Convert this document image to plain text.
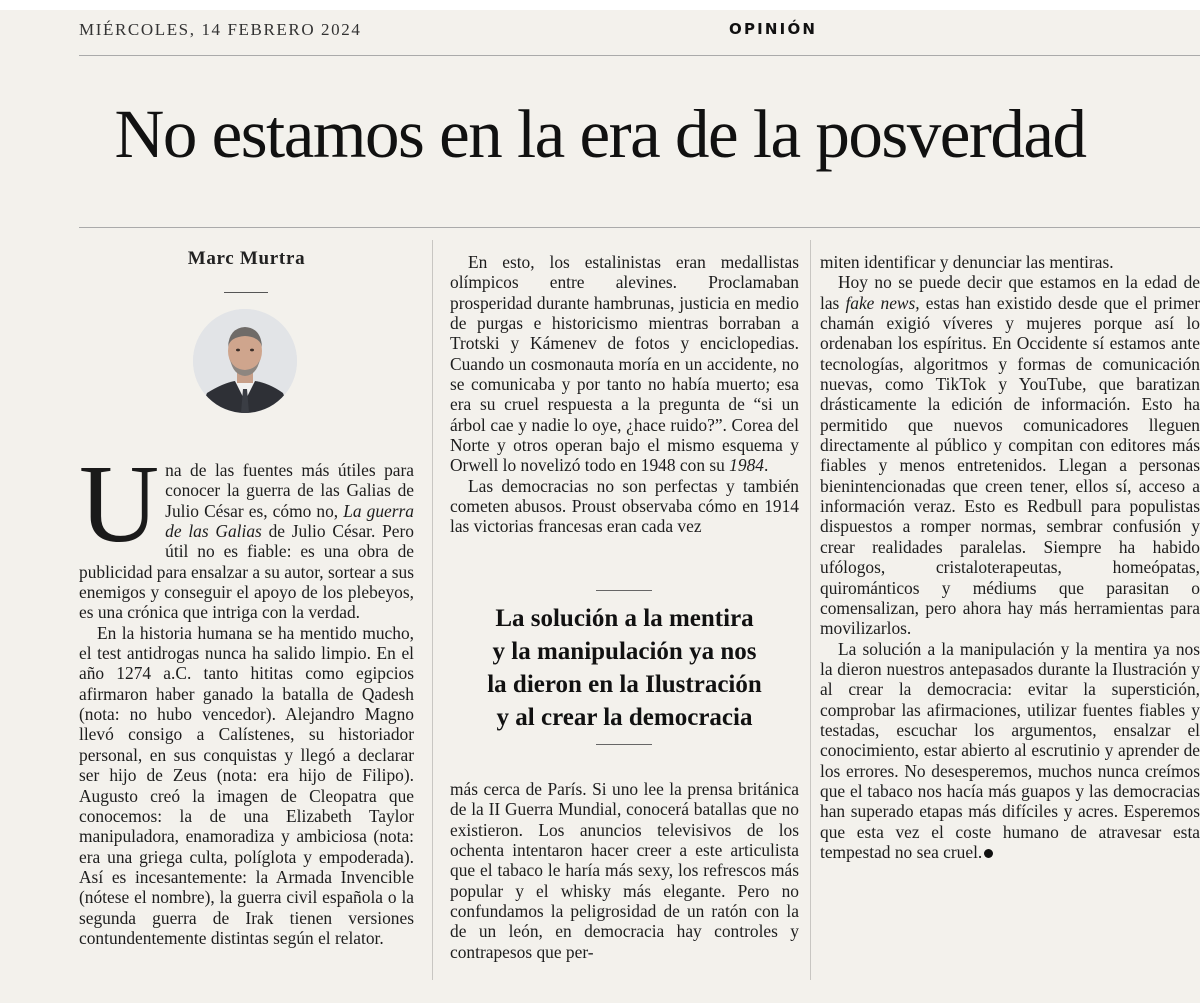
MIÉRCOLES, 14 FEBRERO 2024	OPINIÓN
No estamos en la era de la posverdad
Marc Murtra

Una de las fuentes más útiles para conocer la guerra de las Galias de Julio César es, cómo no, La guerra de las Galias de Julio César. Pero útil no es fiable: es una obra de publicidad para ensalzar a su autor, sortear a sus enemigos y conseguir el apoyo de los plebeyos, es una crónica que intriga con la verdad.

En la historia humana se ha mentido mucho, el test antidrogas nunca ha salido limpio. En el año 1274 a.C. tanto hititas como egipcios afirmaron haber ganado la batalla de Qadesh (nota: no hubo vencedor). Alejandro Magno llevó consigo a Calístenes, su historiador personal, en sus conquistas y llegó a declarar ser hijo de Zeus (nota: era hijo de Filipo). Augusto creó la imagen de Cleopatra que conocemos: la de una Elizabeth Taylor manipuladora, enamoradiza y ambiciosa (nota: era una griega culta, políglota y empoderada). Así es incesantemente: la Armada Invencible (nótese el nombre), la guerra civil española o la segunda guerra de Irak tienen versiones contundentemente distintas según el relator.

En esto, los estalinistas eran medallistas olímpicos entre alevines. Proclamaban prosperidad durante hambrunas, justicia en medio de purgas e historicismo mientras borraban a Trotski y Kámenev de fotos y enciclopedias. Cuando un cosmonauta moría en un accidente, no se comunicaba y por tanto no había muerto; esa era su cruel respuesta a la pregunta de “si un árbol cae y nadie lo oye, ¿hace ruido?”. Corea del Norte y otros operan bajo el mismo esquema y Orwell lo novelizó todo en 1948 con su 1984.

Las democracias no son perfectas y también cometen abusos. Proust observaba cómo en 1914 las victorias francesas eran cada vez

La solución a la mentira
y la manipulación ya nos
la dieron en la Ilustración
y al crear la democracia

más cerca de París. Si uno lee la prensa británica de la II Guerra Mundial, conocerá batallas que no existieron. Los anuncios televisivos de los ochenta intentaron hacer creer a este articulista que el tabaco le haría más sexy, los refrescos más popular y el whisky más elegante. Pero no confundamos la peligrosidad de un ratón con la de un león, en democracia hay controles y contrapesos que per-

miten identificar y denunciar las mentiras.

Hoy no se puede decir que estamos en la edad de las fake news, estas han existido desde que el primer chamán exigió víveres y mujeres porque así lo ordenaban los espíritus. En Occidente sí estamos ante tecnologías, algoritmos y formas de comunicación nuevas, como TikTok y YouTube, que baratizan drásticamente la edición de información. Esto ha permitido que nuevos comunicadores lleguen directamente al público y compitan con editores más fiables y menos entretenidos. Llegan a personas bienintencionadas que creen tener, ellos sí, acceso a información veraz. Esto es Redbull para populistas dispuestos a romper normas, sembrar confusión y crear realidades paralelas. Siempre ha habido ufólogos, cristaloterapeutas, homeópatas, quirománticos y médiums que parasitan o comensalizan, pero ahora hay más herramientas para movilizarlos.

La solución a la manipulación y la mentira ya nos la dieron nuestros antepasados durante la Ilustración y al crear la democracia: evitar la superstición, comprobar las afirmaciones, utilizar fuentes fiables y testadas, escuchar los argumentos, ensalzar el conocimiento, estar abierto al escrutinio y aprender de los errores. No desesperemos, muchos nunca creímos que el tabaco nos hacía más guapos y las democracias han superado etapas más difíciles y acres. Esperemos que esta vez el coste humano de atravesar esta tempestad no sea cruel.
